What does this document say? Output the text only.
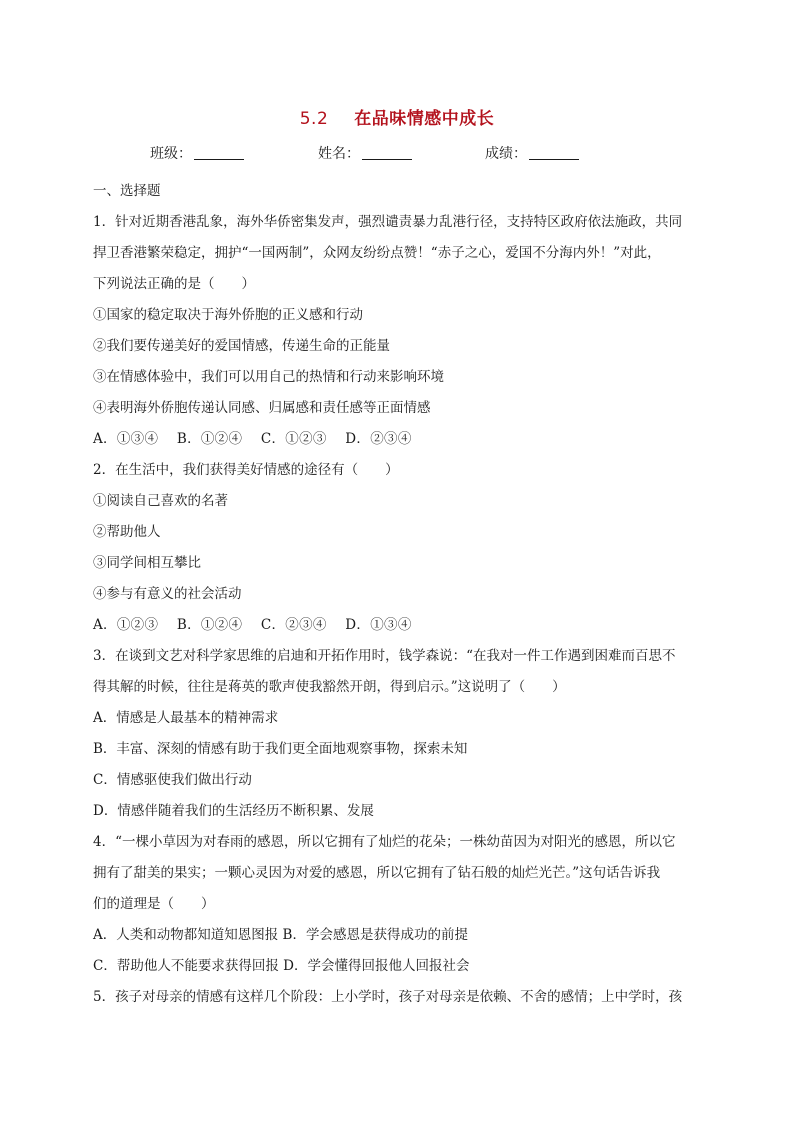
5.2 在品味情感中成长
班级：	姓名：	成绩：
一、选择题
1．针对近期香港乱象，海外华侨密集发声，强烈谴责暴力乱港行径，支持特区政府依法施政，共同
捍卫香港繁荣稳定，拥护“一国两制”，众网友纷纷点赞！“赤子之心，爱国不分海内外！”对此，
下列说法正确的是（　　）
①国家的稳定取决于海外侨胞的正义感和行动
②我们要传递美好的爱国情感，传递生命的正能量
③在情感体验中，我们可以用自己的热情和行动来影响环境
④表明海外侨胞传递认同感、归属感和责任感等正面情感
A．①③④ B．①②④ C．①②③ D．②③④
2．在生活中，我们获得美好情感的途径有（　　）
①阅读自己喜欢的名著
②帮助他人
③同学间相互攀比
④参与有意义的社会活动
A．①②③ B．①②④ C．②③④ D．①③④
3．在谈到文艺对科学家思维的启迪和开拓作用时，钱学森说：“在我对一件工作遇到困难而百思不
得其解的时候，往往是蒋英的歌声使我豁然开朗，得到启示。”这说明了（　　）
A．情感是人最基本的精神需求
B．丰富、深刻的情感有助于我们更全面地观察事物，探索未知
C．情感驱使我们做出行动
D．情感伴随着我们的生活经历不断积累、发展
4．“一棵小草因为对春雨的感恩，所以它拥有了灿烂的花朵；一株幼苗因为对阳光的感恩，所以它
拥有了甜美的果实；一颗心灵因为对爱的感恩，所以它拥有了钻石般的灿烂光芒。”这句话告诉我
们的道理是（　　）
A．人类和动物都知道知恩图报 B．学会感恩是获得成功的前提
C．帮助他人不能要求获得回报 D．学会懂得回报他人回报社会
5．孩子对母亲的情感有这样几个阶段：上小学时，孩子对母亲是依赖、不舍的感情；上中学时，孩
